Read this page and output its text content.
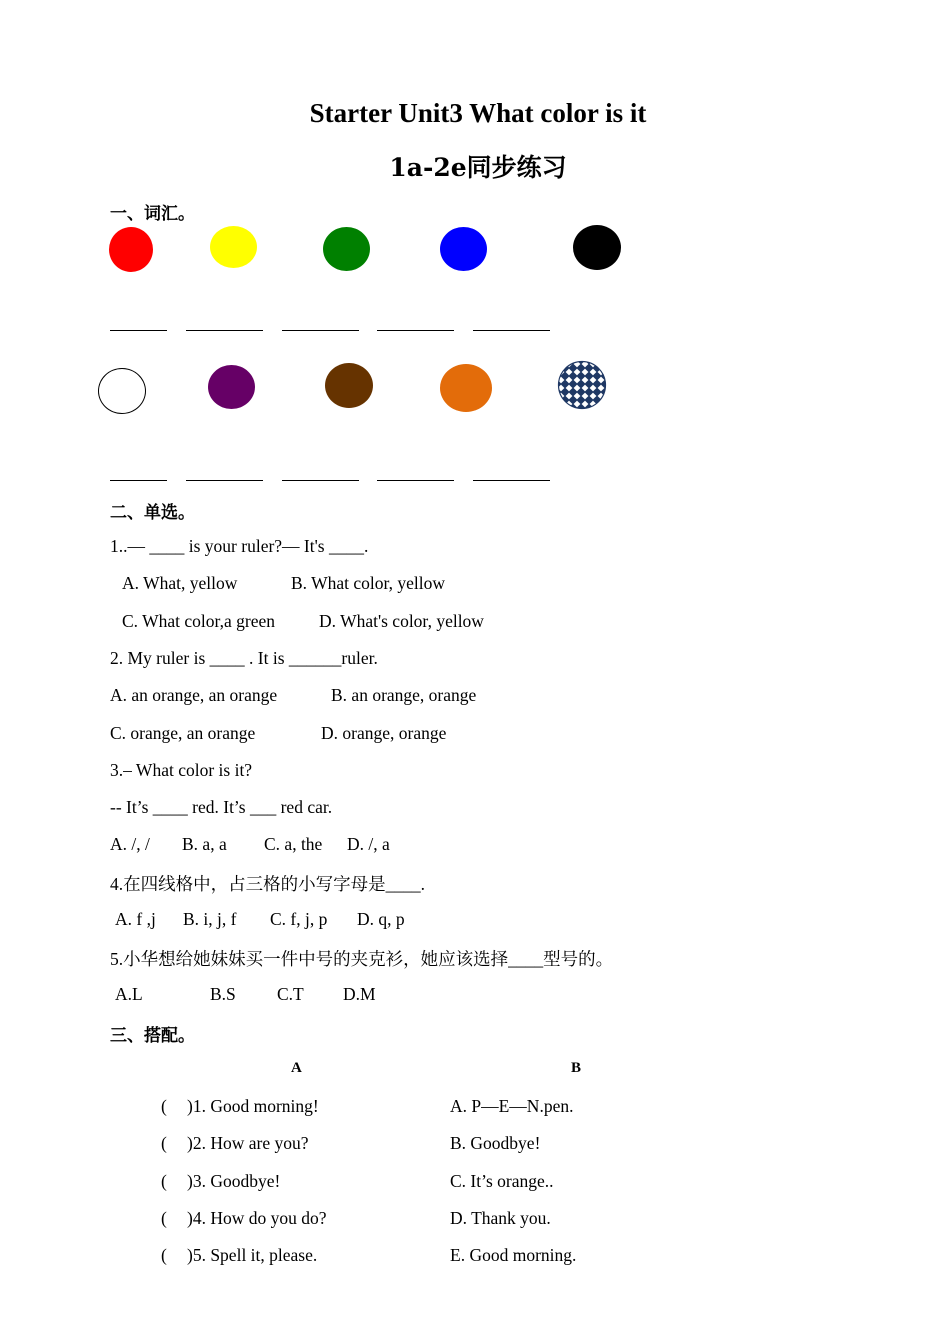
Starter Unit3 What color is it
1a-2e同步练习
一、词汇。
二、单选。
1..— ____ is your ruler?— It's ____.
A. What, yellow	B. What color, yellow
C. What color,a green	D. What's color, yellow
2. My ruler is ____ . It is ______ruler.
A. an orange, an orange	B. an orange, orange
C. orange, an orange	D. orange, orange
3.– What color is it?
-- It’s ____ red. It’s ___ red car.
A. /, / B. a, a C. a, the D. /, a
4.在四线格中，占三格的小写字母是____.
A. f ,j B. i, j, f C. f, j, p D. q, p
5.小华想给她妹妹买一件中号的夹克衫，她应该选择____型号的。
A.L	B.S C.T D.M
三、搭配。
A	B
( )1. Good morning!	A. P—E—N.pen.
( )2. How are you?	B. Goodbye!
( )3. Goodbye!	C. It’s orange..
( )4. How do you do?	D. Thank you.
( )5. Spell it, please.	E. Good morning.
